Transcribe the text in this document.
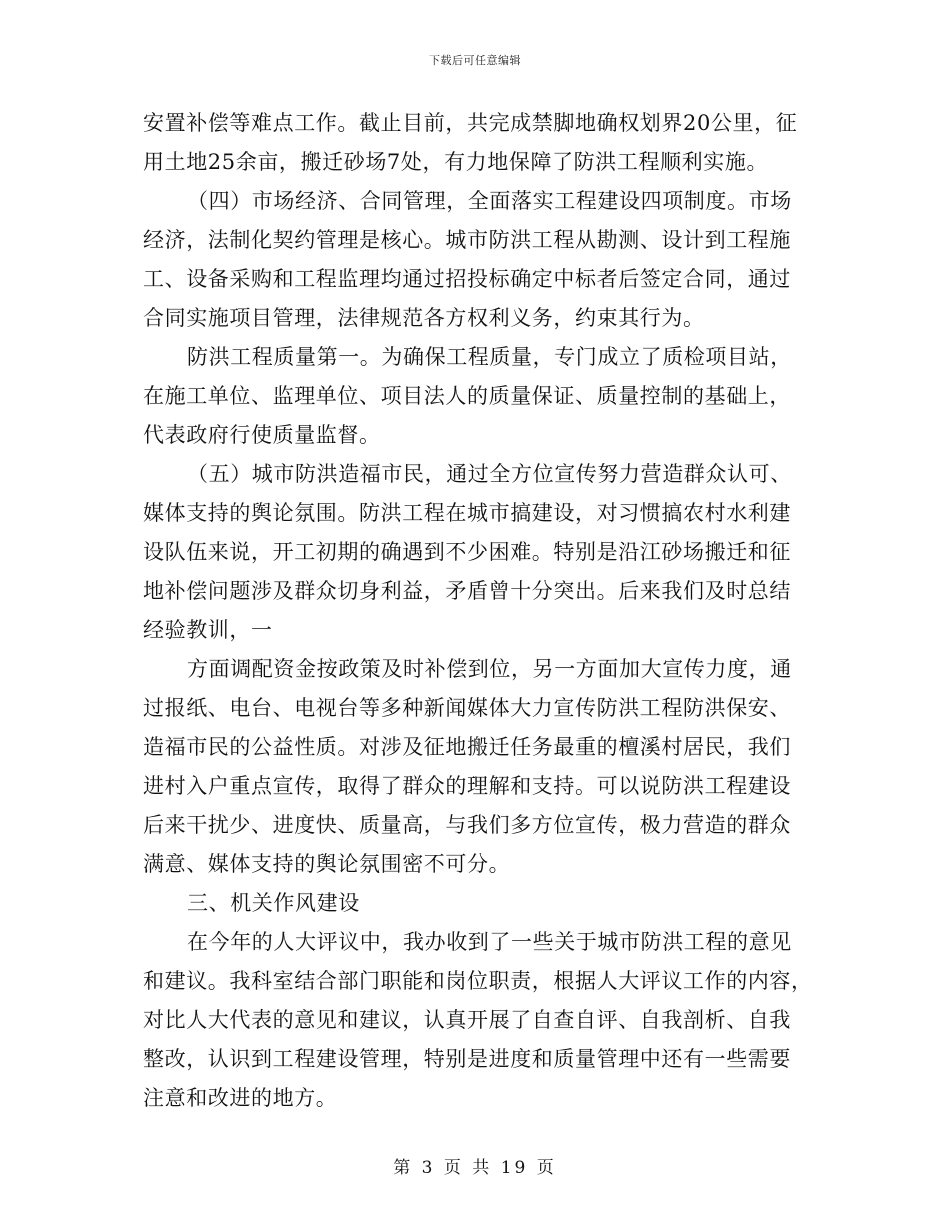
下载后可任意编辑
安置补偿等难点工作。截止目前，共完成禁脚地确权划界20公里，征
用土地25余亩，搬迁砂场7处，有力地保障了防洪工程顺利实施。
（四）市场经济、合同管理，全面落实工程建设四项制度。市场
经济，法制化契约管理是核心。城市防洪工程从勘测、设计到工程施
工、设备采购和工程监理均通过招投标确定中标者后签定合同，通过
合同实施项目管理，法律规范各方权利义务，约束其行为。
防洪工程质量第一。为确保工程质量，专门成立了质检项目站，
在施工单位、监理单位、项目法人的质量保证、质量控制的基础上，
代表政府行使质量监督。
（五）城市防洪造福市民，通过全方位宣传努力营造群众认可、
媒体支持的舆论氛围。防洪工程在城市搞建设，对习惯搞农村水利建
设队伍来说，开工初期的确遇到不少困难。特别是沿江砂场搬迁和征
地补偿问题涉及群众切身利益，矛盾曾十分突出。后来我们及时总结
经验教训，一
方面调配资金按政策及时补偿到位，另一方面加大宣传力度，通
过报纸、电台、电视台等多种新闻媒体大力宣传防洪工程防洪保安、
造福市民的公益性质。对涉及征地搬迁任务最重的檀溪村居民，我们
进村入户重点宣传，取得了群众的理解和支持。可以说防洪工程建设
后来干扰少、进度快、质量高，与我们多方位宣传，极力营造的群众
满意、媒体支持的舆论氛围密不可分。
三、机关作风建设
在今年的人大评议中，我办收到了一些关于城市防洪工程的意见
和建议。我科室结合部门职能和岗位职责，根据人大评议工作的内容，
对比人大代表的意见和建议，认真开展了自查自评、自我剖析、自我
整改，认识到工程建设管理，特别是进度和质量管理中还有一些需要
注意和改进的地方。
第 3 页 共 19 页
